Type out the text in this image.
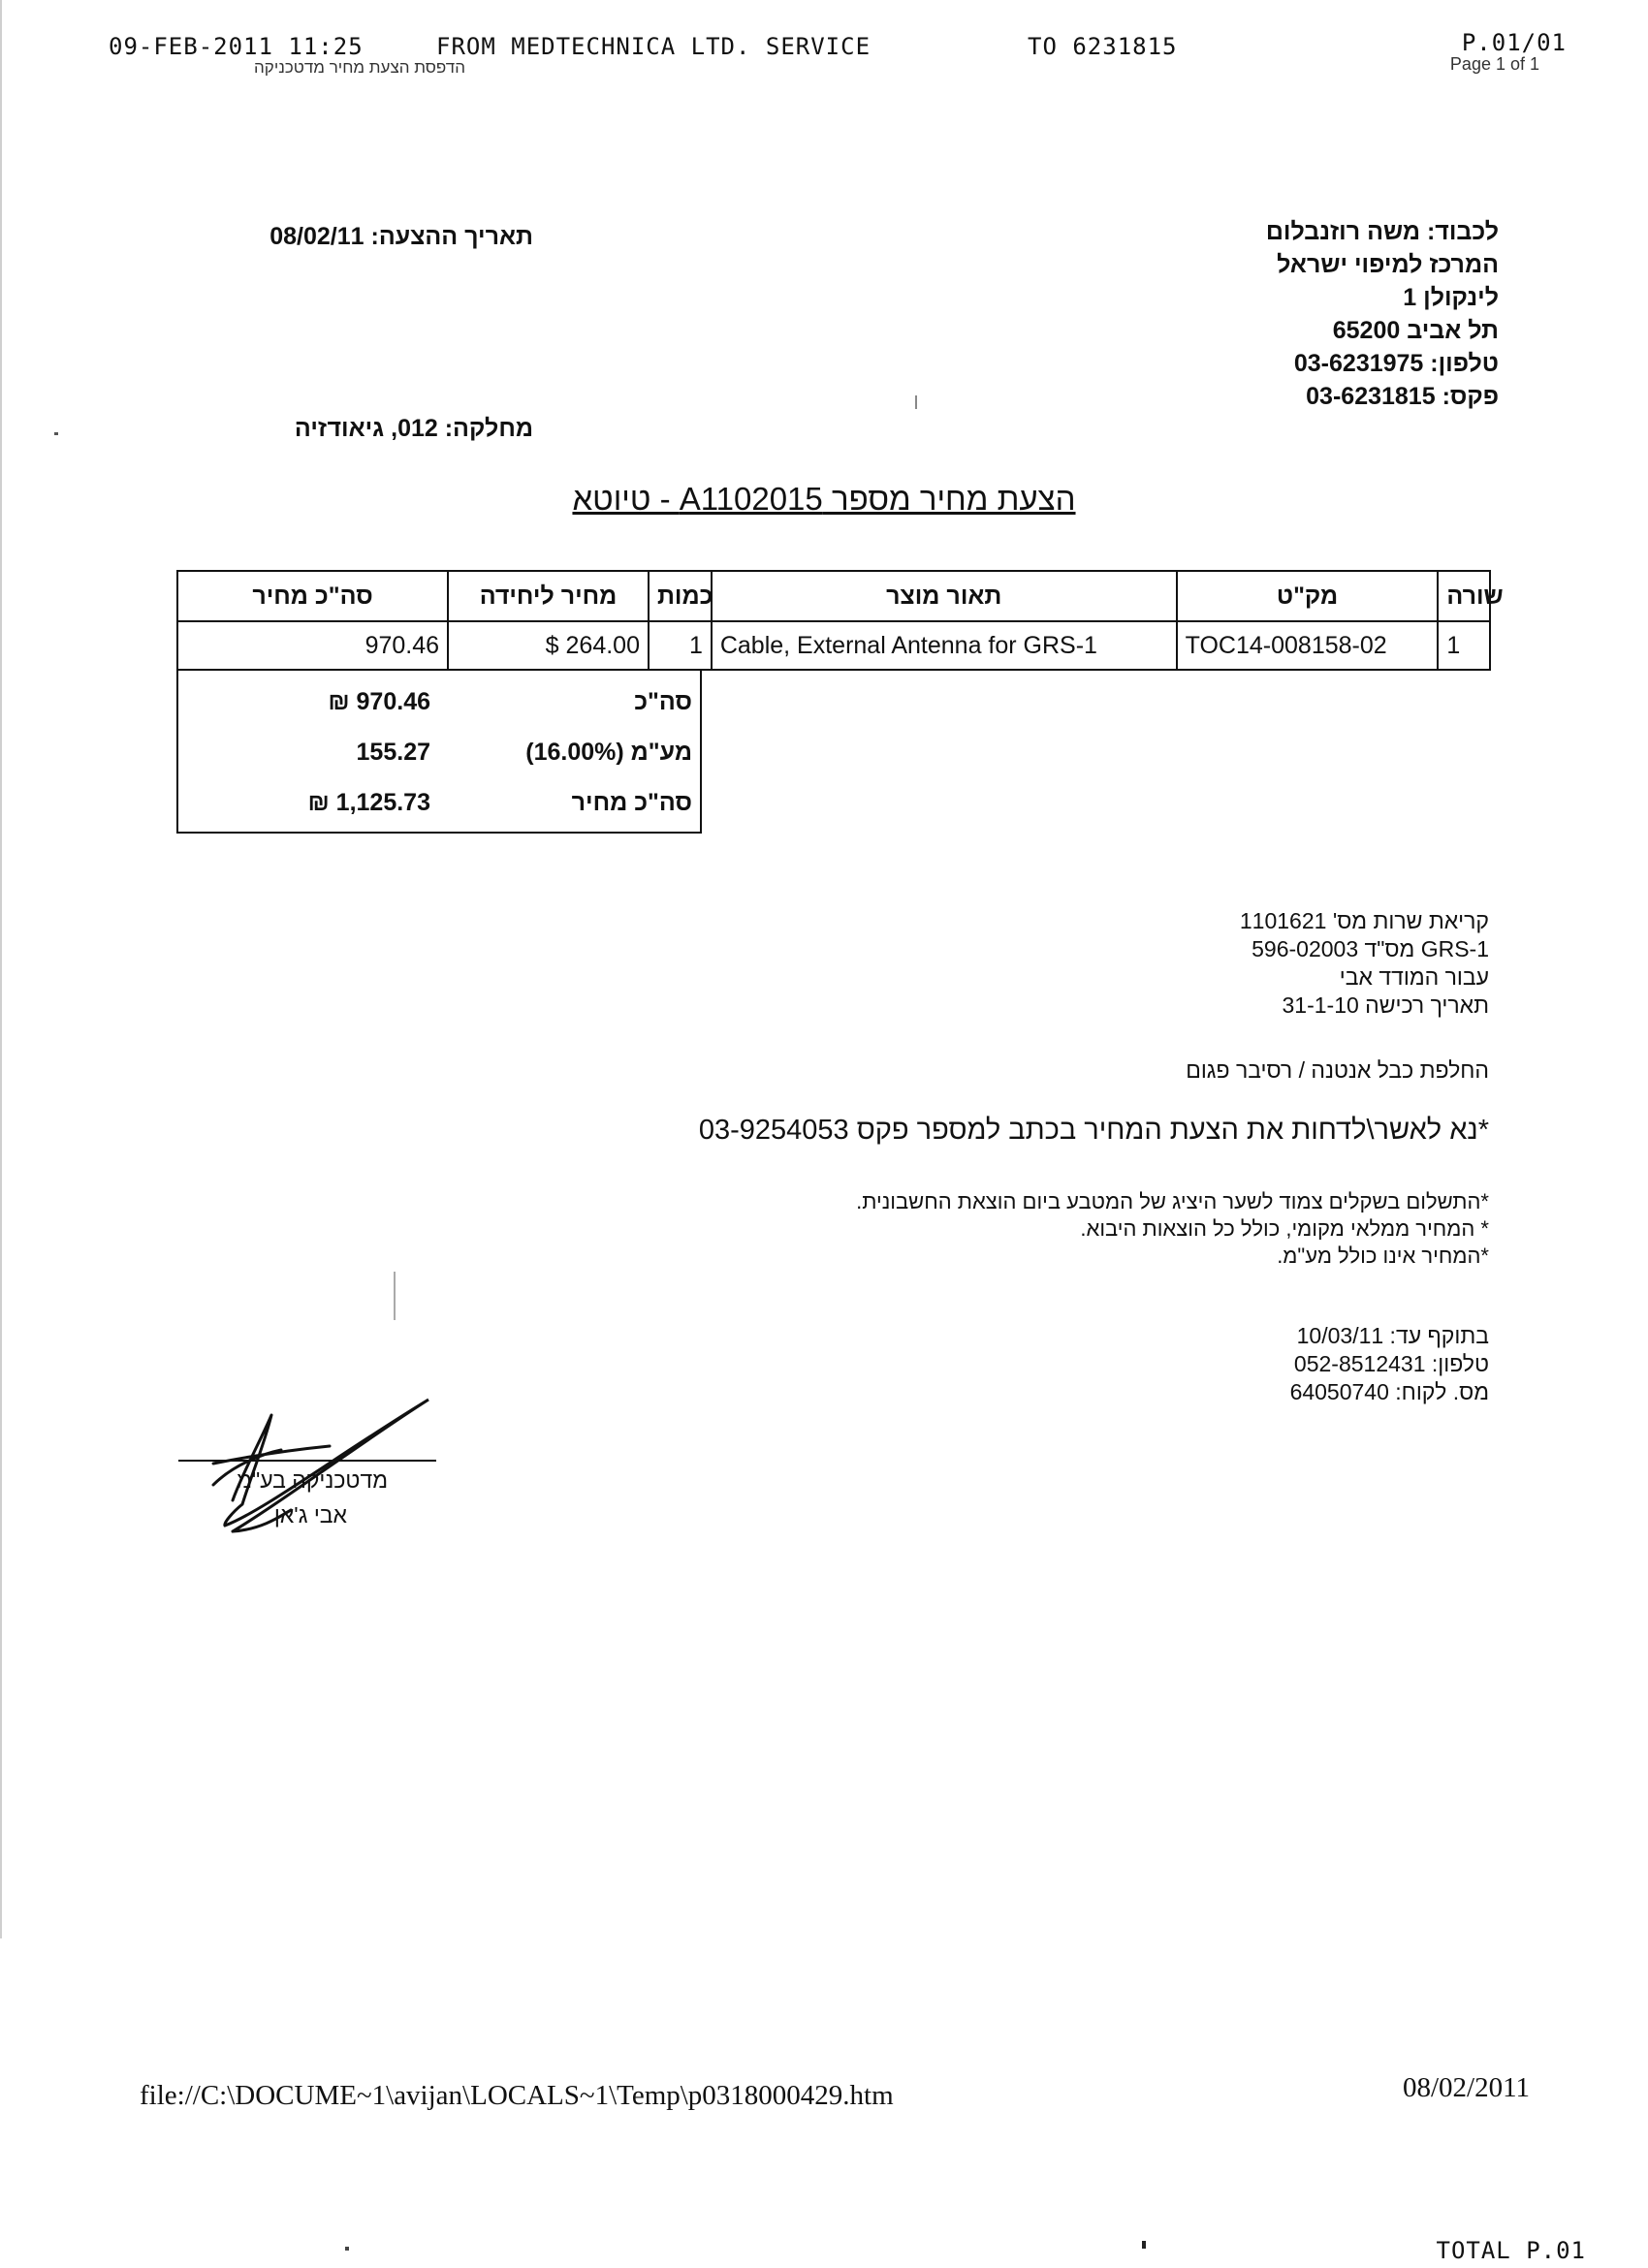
09-FEB-2011 11:25	FROM MEDTECHNICA LTD. SERVICE	TO 6231815	P.01/01
הדפסת הצעת מחיר מדטכניקה	Page 1 of 1
תאריך ההצעה: 08/02/11	לכבוד: משה רוזנבלום
המרכז למיפוי ישראל
לינקולן 1
תל אביב 65200
טלפון: 03-6231975
פקס: 03-6231815
מחלקה: 012, גיאודזיה
הצעת מחיר מספר A1102015 - טיוטא
סה"כ מחיר	מחיר ליחידה	כמות	תאור מוצר	מק"ט	שורה
970.46	$ 264.00	1	Cable, External Antenna for GRS-1	TOC14-008158-02	1
סה"כ
970.46 ₪
מע"מ (16.00%)
155.27
סה"כ מחיר
1,125.73 ₪
קריאת שרות מס' 1101621
GRS-1 מס"ד 596-02003
עבור המודד אבי
תאריך רכישה 31-1-10
החלפת כבל אנטנה / רסיבר פגום
*נא לאשר\לדחות את הצעת המחיר בכתב למספר פקס 03-9254053
*התשלום בשקלים צמוד לשער היציג של המטבע ביום הוצאת החשבונית.
* המחיר ממלאי מקומי, כולל כל הוצאות היבוא.
*המחיר אינו כולל מע"מ.
בתוקף עד: 10/03/11
טלפון: 052-8512431
מס. לקוח: 64050740
מדטכניקה בע"מ
אבי ג'אן
file://C:\DOCUME~1\avijan\LOCALS~1\Temp\p0318000429.htm	08/02/2011
TOTAL P.01
